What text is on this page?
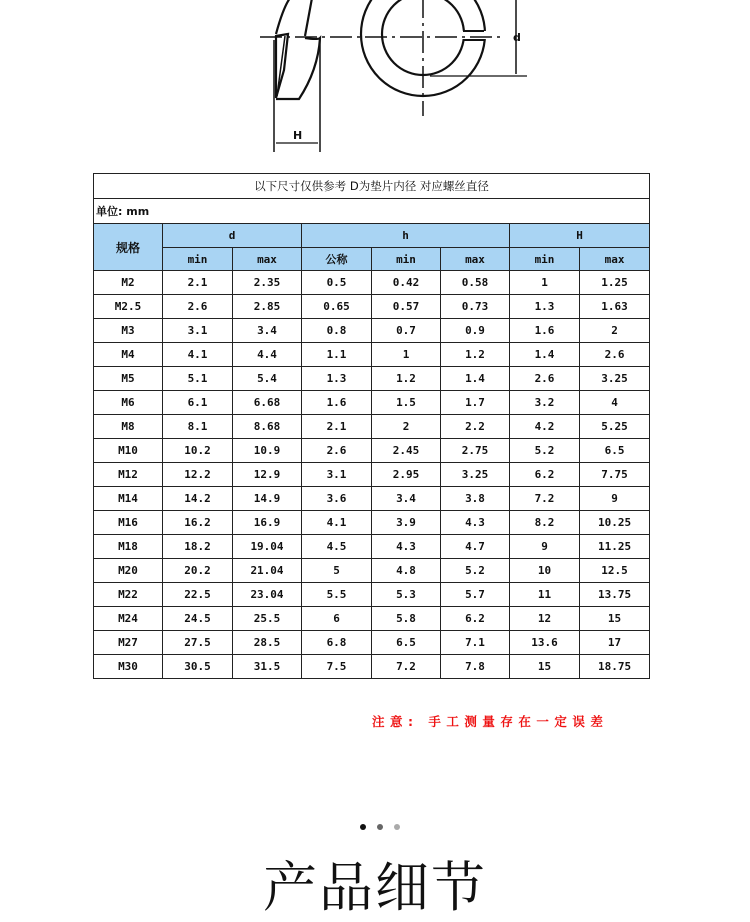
H
d
以下尺寸仅供参考 D为垫片内径 对应螺丝直径							
单位: mm							
规格	d		h			H	
	min	max	公称	min	max	min	max
M2	2.1	2.35	0.5	0.42	0.58	1	1.25
M2.5	2.6	2.85	0.65	0.57	0.73	1.3	1.63
M3	3.1	3.4	0.8	0.7	0.9	1.6	2
M4	4.1	4.4	1.1	1	1.2	1.4	2.6
M5	5.1	5.4	1.3	1.2	1.4	2.6	3.25
M6	6.1	6.68	1.6	1.5	1.7	3.2	4
M8	8.1	8.68	2.1	2	2.2	4.2	5.25
M10	10.2	10.9	2.6	2.45	2.75	5.2	6.5
M12	12.2	12.9	3.1	2.95	3.25	6.2	7.75
M14	14.2	14.9	3.6	3.4	3.8	7.2	9
M16	16.2	16.9	4.1	3.9	4.3	8.2	10.25
M18	18.2	19.04	4.5	4.3	4.7	9	11.25
M20	20.2	21.04	5	4.8	5.2	10	12.5
M22	22.5	23.04	5.5	5.3	5.7	11	13.75
M24	24.5	25.5	6	5.8	6.2	12	15
M27	27.5	28.5	6.8	6.5	7.1	13.6	17
M30	30.5	31.5	7.5	7.2	7.8	15	18.75
注意: 手工测量存在一定误差
产品细节
